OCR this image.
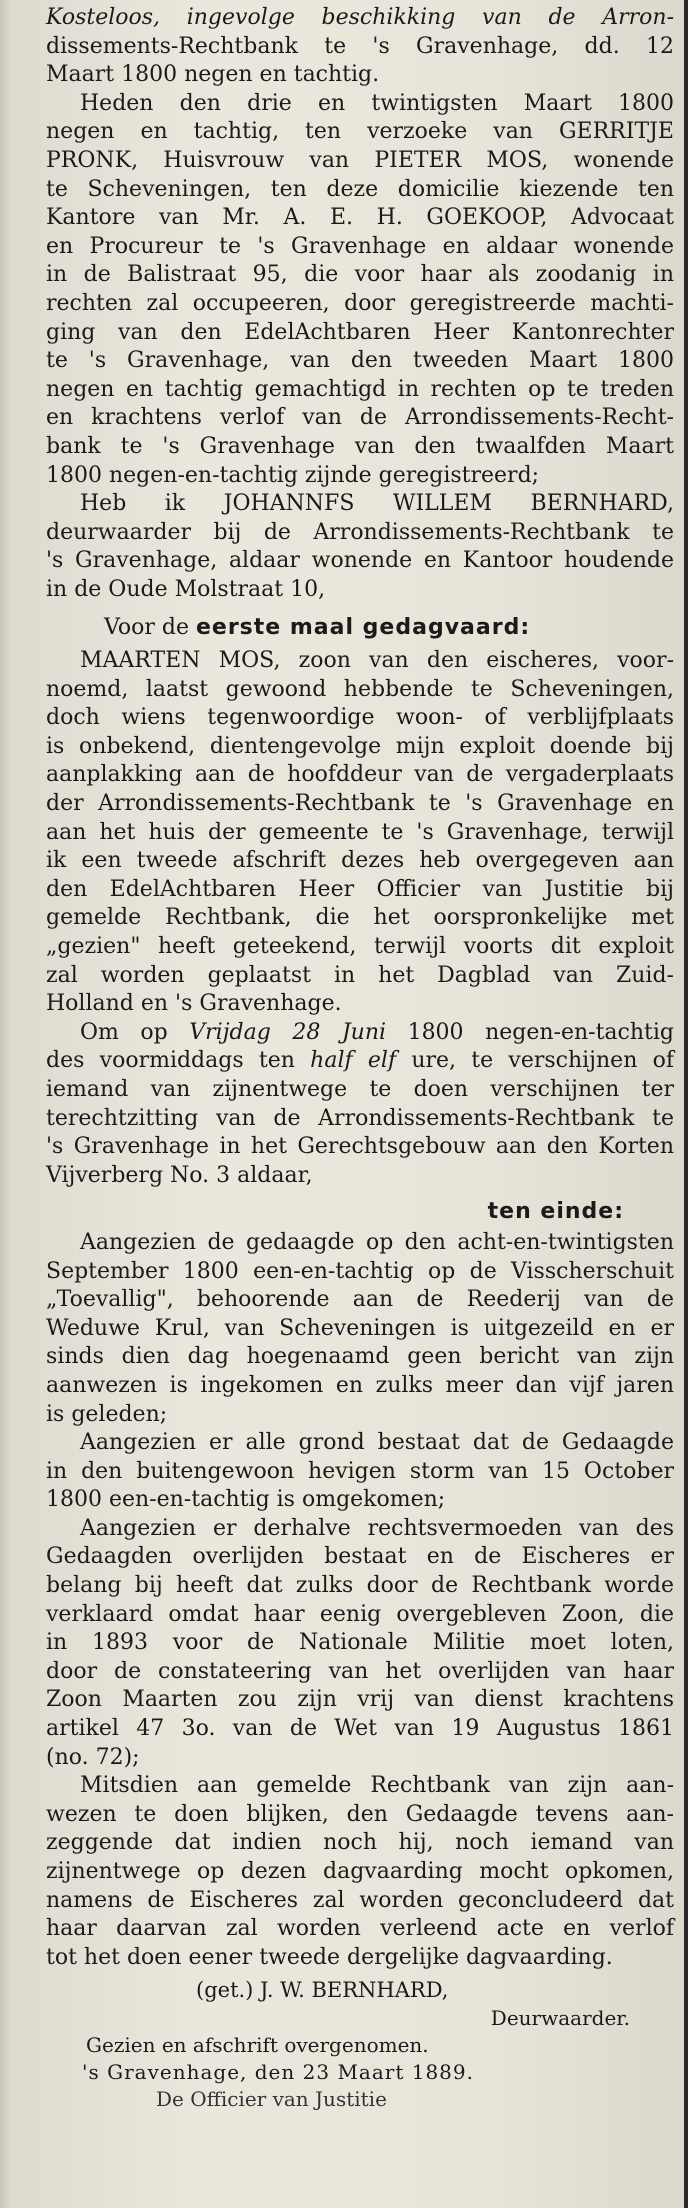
Kosteloos, ingevolge beschikking van de Arron-

dissements-Rechtbank te 's Gravenhage, dd. 12

Maart 1800 negen en tachtig.

Heden den drie en twintigsten Maart 1800

negen en tachtig, ten verzoeke van GERRITJE

PRONK, Huisvrouw van PIETER MOS, wonende

te Scheveningen, ten deze domicilie kiezende ten

Kantore van Mr. A. E. H. GOEKOOP, Advocaat

en Procureur te 's Gravenhage en aldaar wonende

in de Balistraat 95, die voor haar als zoodanig in

rechten zal occupeeren, door geregistreerde machti-

ging van den EdelAchtbaren Heer Kantonrechter

te 's Gravenhage, van den tweeden Maart 1800

negen en tachtig gemachtigd in rechten op te treden

en krachtens verlof van de Arrondissements-Recht-

bank te 's Gravenhage van den twaalfden Maart

1800 negen-en-tachtig zijnde geregistreerd;

Heb ik JOHANNFS WILLEM BERNHARD,

deurwaarder bij de Arrondissements-Rechtbank te

's Gravenhage, aldaar wonende en Kantoor houdende

in de Oude Molstraat 10,

Voor de eerste maal gedagvaard:

MAARTEN MOS, zoon van den eischeres, voor-

noemd, laatst gewoond hebbende te Scheveningen,

doch wiens tegenwoordige woon- of verblijfplaats

is onbekend, dientengevolge mijn exploit doende bij

aanplakking aan de hoofddeur van de vergaderplaats

der Arrondissements-Rechtbank te 's Gravenhage en

aan het huis der gemeente te 's Gravenhage, terwijl

ik een tweede afschrift dezes heb overgegeven aan

den EdelAchtbaren Heer Officier van Justitie bij

gemelde Rechtbank, die het oorspronkelijke met

„gezien" heeft geteekend, terwijl voorts dit exploit

zal worden geplaatst in het Dagblad van Zuid-

Holland en 's Gravenhage.

Om op Vrijdag 28 Juni 1800 negen-en-tachtig

des voormiddags ten half elf ure, te verschijnen of

iemand van zijnentwege te doen verschijnen ter

terechtzitting van de Arrondissements-Rechtbank te

's Gravenhage in het Gerechtsgebouw aan den Korten

Vijverberg No. 3 aldaar,

ten einde:

Aangezien de gedaagde op den acht-en-twintigsten

September 1800 een-en-tachtig op de Visscherschuit

„Toevallig", behoorende aan de Reederij van de

Weduwe Krul, van Scheveningen is uitgezeild en er

sinds dien dag hoegenaamd geen bericht van zijn

aanwezen is ingekomen en zulks meer dan vijf jaren

is geleden;

Aangezien er alle grond bestaat dat de Gedaagde

in den buitengewoon hevigen storm van 15 October

1800 een-en-tachtig is omgekomen;

Aangezien er derhalve rechtsvermoeden van des

Gedaagden overlijden bestaat en de Eischeres er

belang bij heeft dat zulks door de Rechtbank worde

verklaard omdat haar eenig overgebleven Zoon, die

in 1893 voor de Nationale Militie moet loten,

door de constateering van het overlijden van haar

Zoon Maarten zou zijn vrij van dienst krachtens

artikel 47 3o. van de Wet van 19 Augustus 1861

(no. 72);

Mitsdien aan gemelde Rechtbank van zijn aan-

wezen te doen blijken, den Gedaagde tevens aan-

zeggende dat indien noch hij, noch iemand van

zijnentwege op dezen dagvaarding mocht opkomen,

namens de Eischeres zal worden geconcludeerd dat

haar daarvan zal worden verleend acte en verlof

tot het doen eener tweede dergelijke dagvaarding.

(get.) J. W. BERNHARD,

Deurwaarder.

Gezien en afschrift overgenomen.

's Gravenhage, den 23 Maart 1889.

De Officier van Justitie
